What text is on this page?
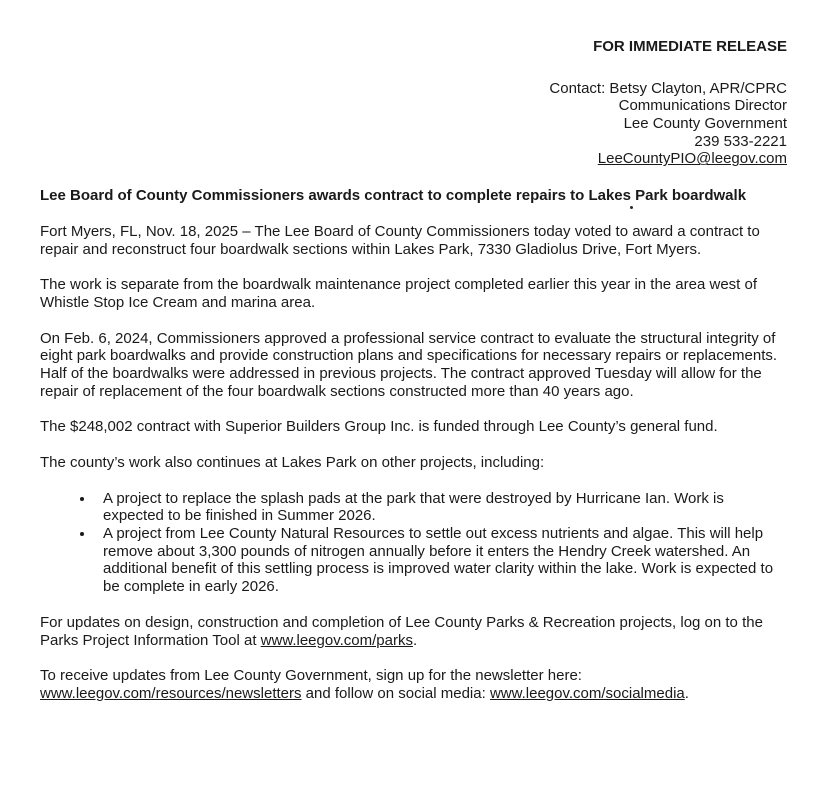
FOR IMMEDIATE RELEASE
Contact: Betsy Clayton, APR/CPRC
Communications Director
Lee County Government
239 533-2221
LeeCountyPIO@leegov.com
Lee Board of County Commissioners awards contract to complete repairs to Lakes Park boardwalk

Fort Myers, FL, Nov. 18, 2025 – The Lee Board of County Commissioners today voted to award a contract to repair and reconstruct four boardwalk sections within Lakes Park, 7330 Gladiolus Drive, Fort Myers.

The work is separate from the boardwalk maintenance project completed earlier this year in the area west of Whistle Stop Ice Cream and marina area.

On Feb. 6, 2024, Commissioners approved a professional service contract to evaluate the structural integrity of eight park boardwalks and provide construction plans and specifications for necessary repairs or replacements. Half of the boardwalks were addressed in previous projects. The contract approved Tuesday will allow for the repair of replacement of the four boardwalk sections constructed more than 40 years ago.

The $248,002 contract with Superior Builders Group Inc. is funded through Lee County’s general fund.

The county’s work also continues at Lakes Park on other projects, including:

• A project to replace the splash pads at the park that were destroyed by Hurricane Ian. Work is expected to be finished in Summer 2026.
• A project from Lee County Natural Resources to settle out excess nutrients and algae. This will help remove about 3,300 pounds of nitrogen annually before it enters the Hendry Creek watershed. An additional benefit of this settling process is improved water clarity within the lake. Work is expected to be complete in early 2026.

For updates on design, construction and completion of Lee County Parks & Recreation projects, log on to the Parks Project Information Tool at www.leegov.com/parks.

To receive updates from Lee County Government, sign up for the newsletter here: www.leegov.com/resources/newsletters and follow on social media: www.leegov.com/socialmedia.
